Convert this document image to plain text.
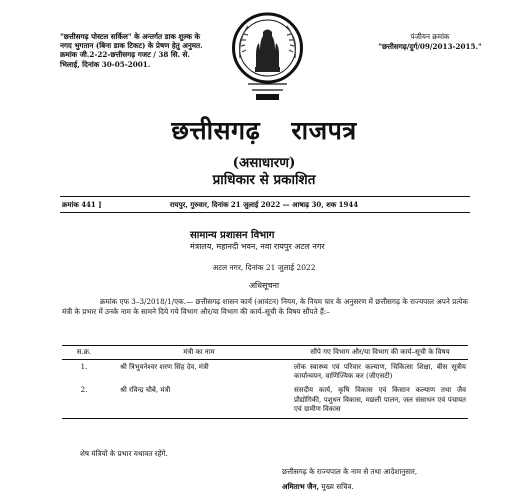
"छत्तीसगढ़ पोस्टल सर्किल" के अन्तर्गत डाक शुल्क के नगद भुगतान (बिना डाक टिकट) के प्रेषण हेतु अनुमत. क्रमांक जी.2-22-छत्तीसगढ़ गजट / 38 सि. से. भिलाई, दिनांक 30-05-2001.
पंजीयन क्रमांक
"छत्तीसगढ़/दुर्ग/09/2013-2015."
छत्तीसगढ़ राजपत्र
(असाधारण)
प्राधिकार से प्रकाशित
क्रमांक 441 ]	रायपुर, गुरुवार, दिनांक 21 जुलाई 2022 — आषाढ़ 30, शक 1944
सामान्य प्रशासन विभाग
मंत्रालय, महानदी भवन, नवा रायपुर अटल नगर
अटल नगर, दिनांक 21 जुलाई 2022
अधिसूचना
क्रमांक एफ 3–3/2018/1/एक.— छत्तीसगढ़ शासन कार्य (आवंटन) नियम, के नियम चार के अनुसरण में छत्तीसगढ़ के राज्यपाल अपने प्रत्येक मंत्री के प्रभार में उनके नाम के सामने दिये गये विभाग और/या विभाग की कार्य–सूची के विषय सौंपते हैं:–
स.क्र.	मंत्री का नाम	सौंपे गए विभाग और/या विभाग की कार्य–सूची के विषय
1.	श्री त्रिभुवनेश्वर शरण सिंह देव, मंत्री	लोक स्वास्थ्य एवं परिवार कल्याण, चिकित्सा शिक्षा, बीस सूत्रीय कार्यान्वयन, वाणिज्यिक कर (जीएसटी)
2.	श्री रविन्द्र चौबे, मंत्री	संसदीय कार्य, कृषि विकास एवं किसान कल्याण तथा जैव प्रौद्योगिकी, पशुधन विकास, मछली पालन, जल संसाधन एवं पंचायत एवं ग्रामीण विकास
शेष मंत्रियों के प्रभार यथावत रहेंगे.
छत्तीसगढ़ के राज्यपाल के नाम से तथा आदेशानुसार,
अमिताभ जैन, मुख्य सचिव.
